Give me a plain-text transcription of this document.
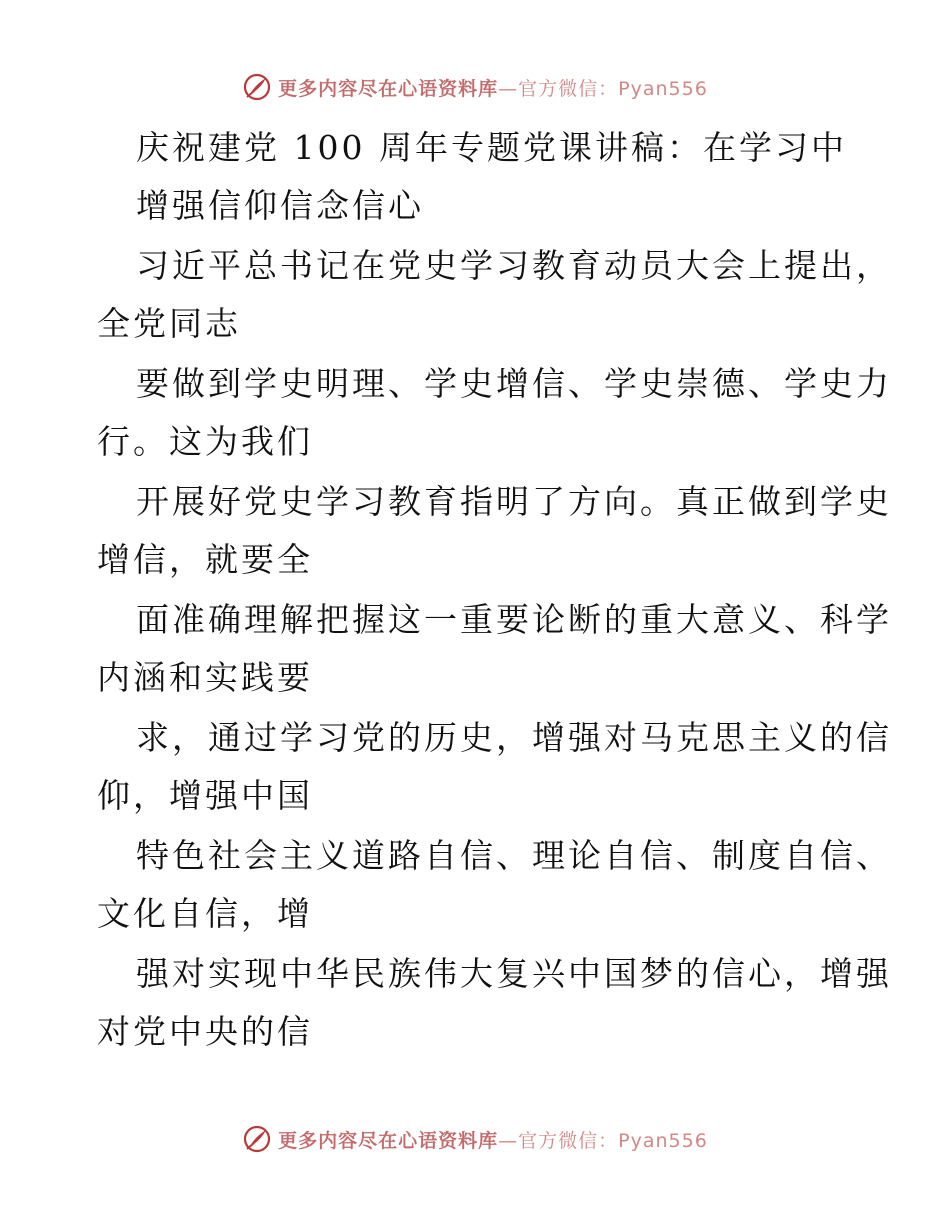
更多内容尽在心语资料库 —官方微信：Pyan556
庆祝建党 100 周年专题党课讲稿：在学习中
增强信仰信念信心
习近平总书记在党史学习教育动员大会上提出，
全党同志
要做到学史明理、学史增信、学史崇德、学史力
行。这为我们
开展好党史学习教育指明了方向。真正做到学史
增信，就要全
面准确理解把握这一重要论断的重大意义、科学
内涵和实践要
求，通过学习党的历史，增强对马克思主义的信
仰，增强中国
特色社会主义道路自信、理论自信、制度自信、
文化自信，增
强对实现中华民族伟大复兴中国梦的信心，增强
对党中央的信
更多内容尽在心语资料库 —官方微信：Pyan556
